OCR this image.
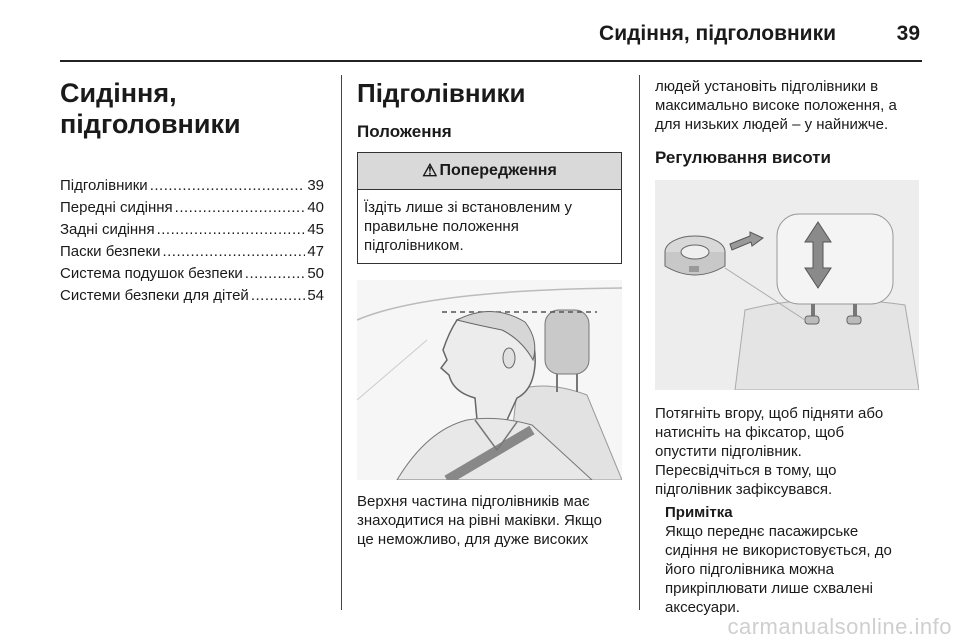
Сидіння, підголовники	39
Сидіння,
підголовники
Підголівники .....	39
Передні сидіння .....	40
Задні сидіння .....	45
Паски безпеки .....	47
Система подушок безпеки .....	50
Системи безпеки для дітей .....	54
Підголівники
Положення
⚠ Попередження
Їздіть лише зі встановленим у
правильне положення
підголівником.
Верхня частина підголівників має
знаходитися на рівні маківки. Якщо
це неможливо, для дуже високих
людей установіть підголівники в
максимально високе положення, а
для низьких людей – у найнижче.
Регулювання висоти
Потягніть вгору, щоб підняти або
натисніть на фіксатор, щоб
опустити підголівник.
Пересвідчіться в тому, що
підголівник зафіксувався.
Примітка
Якщо переднє пасажирське
сидіння не використовується, до
його підголівника можна
прикріплювати лише схвалені
аксесуари.
carmanualsonline.info
